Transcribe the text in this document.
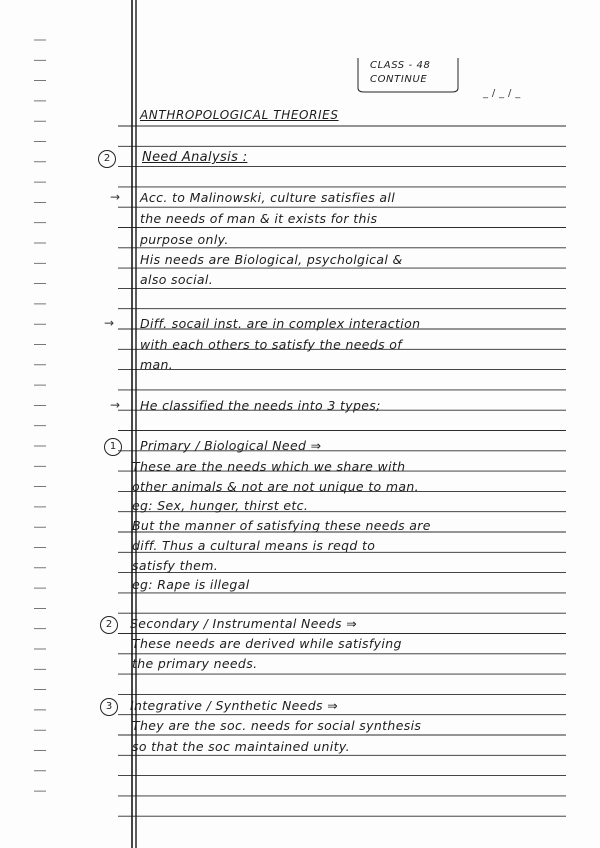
CLASS - 48
CONTINUE
_ / _ / _
ANTHROPOLOGICAL THEORIES
2	Need Analysis :
→ Acc. to Malinowski, culture satisfies all
the needs of man & it exists for this
purpose only.
His needs are Biological, psycholgical &
also social.
→ Diff. socail inst. are in complex interaction
with each others to satisfy the needs of
man.
→ He classified the needs into 3 types;
1	Primary / Biological Need ⇒
These are the needs which we share with
other animals & not are not unique to man.
eg: Sex, hunger, thirst etc.
But the manner of satisfying these needs are
diff. Thus a cultural means is reqd to
satisfy them.
eg: Rape is illegal
2	Secondary / Instrumental Needs ⇒
These needs are derived while satisfying
the primary needs.
3	Integrative / Synthetic Needs ⇒
They are the soc. needs for social synthesis
so that the soc maintained unity.
